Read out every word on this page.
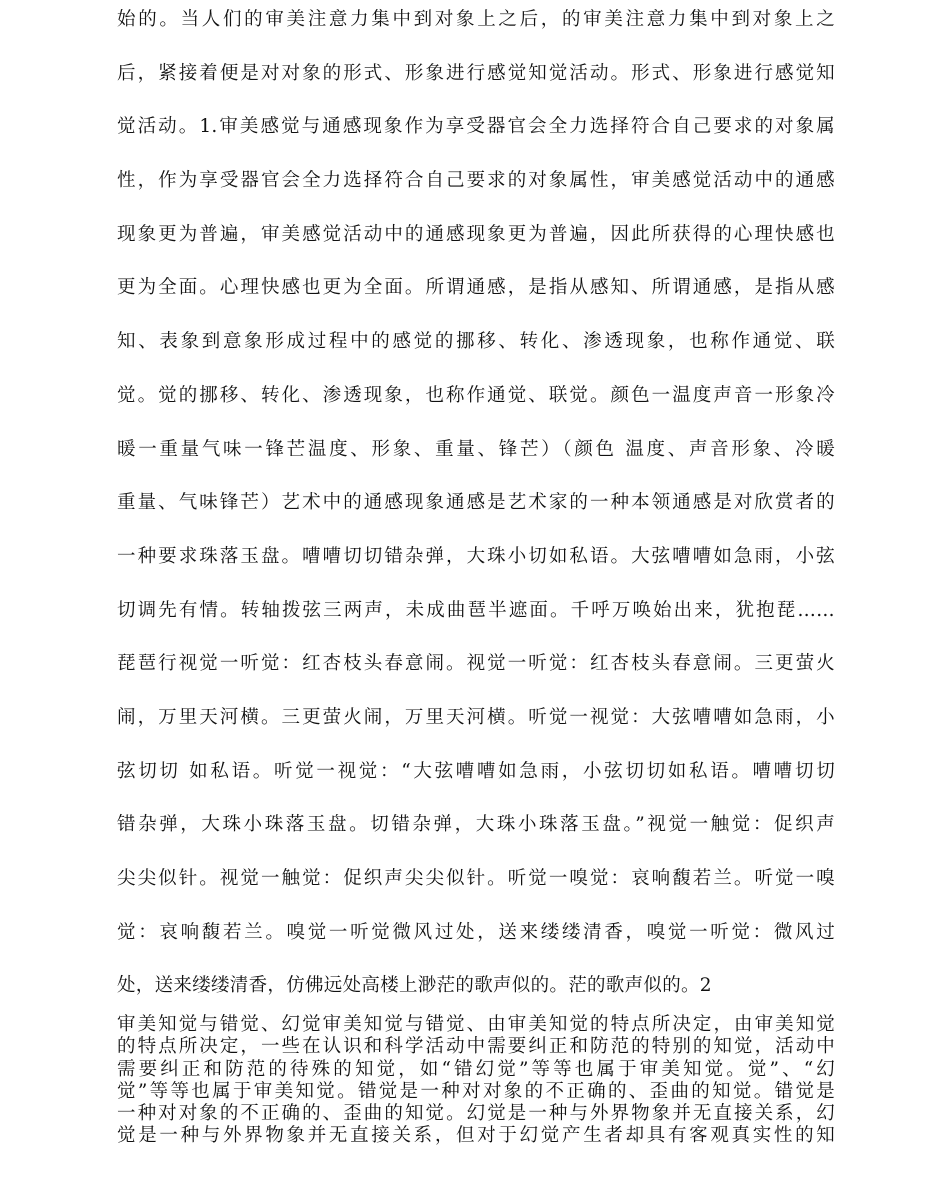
始的。当人们的审美注意力集中到对象上之后，的审美注意力集中到对象上之
后，紧接着便是对对象的形式、形象进行感觉知觉活动。形式、形象进行感觉知
觉活动。1.审美感觉与通感现象作为享受器官会全力选择符合自己要求的对象属
性，作为享受器官会全力选择符合自己要求的对象属性，审美感觉活动中的通感
现象更为普遍，审美感觉活动中的通感现象更为普遍，因此所获得的心理快感也
更为全面。心理快感也更为全面。所谓通感，是指从感知、所谓通感，是指从感
知、表象到意象形成过程中的感觉的挪移、转化、渗透现象，也称作通觉、联
觉。觉的挪移、转化、渗透现象，也称作通觉、联觉。颜色一温度声音一形象冷
暖一重量气味一锋芒温度、形象、重量、锋芒）（颜色 温度、声音形象、冷暖
重量、气味锋芒）艺术中的通感现象通感是艺术家的一种本领通感是对欣赏者的
一种要求珠落玉盘。嘈嘈切切错杂弹，大珠小切如私语。大弦嘈嘈如急雨，小弦
切调先有情。转轴拨弦三两声，未成曲琶半遮面。千呼万唤始出来，犹抱琵……
琵琶行视觉一听觉：红杏枝头春意闹。视觉一听觉：红杏枝头春意闹。三更萤火
闹，万里天河横。三更萤火闹，万里天河横。听觉一视觉：大弦嘈嘈如急雨，小
弦切切 如私语。听觉一视觉：“大弦嘈嘈如急雨，小弦切切如私语。嘈嘈切切
错杂弹，大珠小珠落玉盘。切错杂弹，大珠小珠落玉盘。”视觉一触觉：促织声
尖尖似针。视觉一触觉：促织声尖尖似针。听觉一嗅觉：哀响馥若兰。听觉一嗅
觉：哀响馥若兰。嗅觉一听觉微风过处，送来缕缕清香，嗅觉一听觉：微风过
处，送来缕缕清香，仿佛远处高楼上渺茫的歌声似的。茫的歌声似的。2
审美知觉与错觉、幻觉审美知觉与错觉、由审美知觉的特点所决定，由审美知觉
的特点所决定，一些在认识和科学活动中需要纠正和防范的特别的知觉，活动中
需要纠正和防范的待殊的知觉，如“错幻觉”等等也属于审美知觉。觉”、“幻
觉”等等也属于审美知觉。错觉是一种对对象的不正确的、歪曲的知觉。错觉是
一种对对象的不正确的、歪曲的知觉。幻觉是一种与外界物象并无直接关系，幻
觉是一种与外界物象并无直接关系，但对于幻觉产生者却具有客观真实性的知
